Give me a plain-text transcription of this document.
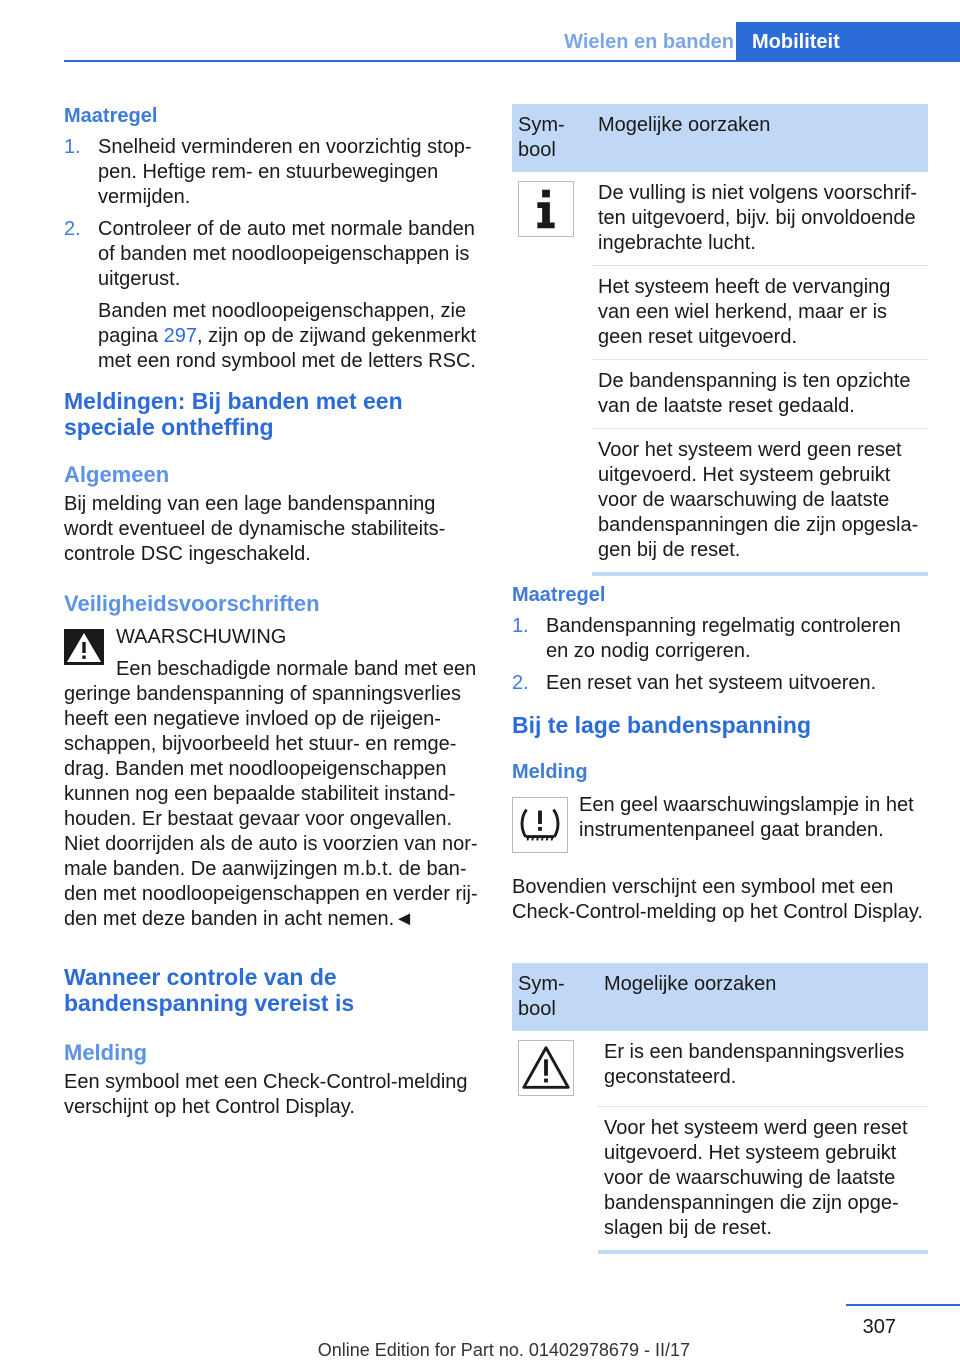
Wielen en banden Mobiliteit
Maatregel
1. Snelheid verminderen en voorzichtig stoppen. Heftige rem- en stuurbewegingen vermijden.

2. Controleer of de auto met normale banden of banden met noodloopeigenschappen is uitgerust.

Banden met noodloopeigenschappen, zie pagina 297, zijn op de zijwand gekenmerkt met een rond symbool met de letters RSC.

Meldingen: Bij banden met een speciale ontheffing
Algemeen

Bij melding van een lage bandenspanning wordt eventueel de dynamische stabiliteitscontrole DSC ingeschakeld.

Veiligheidsvoorschriften
WAARSCHUWING

Een beschadigde normale band met een geringe bandenspanning of spanningsverlies heeft een negatieve invloed op de rijeigenschappen, bijvoorbeeld het stuur- en remgedrag. Banden met noodloopeigenschappen kunnen nog een bepaalde stabiliteit instandhouden. Er bestaat gevaar voor ongevallen. Niet doorrijden als de auto is voorzien van normale banden. De aanwijzingen m.b.t. de banden met noodloopeigenschappen en verder rijden met deze banden in acht nemen.◄

Wanneer controle van de bandenspanning vereist is
Melding

Een symbool met een Check-Control-melding verschijnt op het Control Display.

Symbool	Mogelijke oorzaken

	De vulling is niet volgens voorschriften uitgevoerd, bijv. bij onvoldoende ingebrachte lucht.
	Het systeem heeft de vervanging van een wiel herkend, maar er is geen reset uitgevoerd.
	De bandenspanning is ten opzichte van de laatste reset gedaald.
	Voor het systeem werd geen reset uitgevoerd. Het systeem gebruikt voor de waarschuwing de laatste bandenspanningen die zijn opgeslagen bij de reset.
Maatregel
1. Bandenspanning regelmatig controleren en zo nodig corrigeren.

2. Een reset van het systeem uitvoeren.

Bij te lage bandenspanning
Melding

Een geel waarschuwingslampje in het instrumentenpaneel gaat branden.

Bovendien verschijnt een symbool met een Check-Control-melding op het Control Display.

Symbool	Mogelijke oorzaken

	Er is een bandenspanningsverlies geconstateerd.
	Voor het systeem werd geen reset uitgevoerd. Het systeem gebruikt voor de waarschuwing de laatste bandenspanningen die zijn opgeslagen bij de reset.
307
Online Edition for Part no. 01402978679 - II/17
